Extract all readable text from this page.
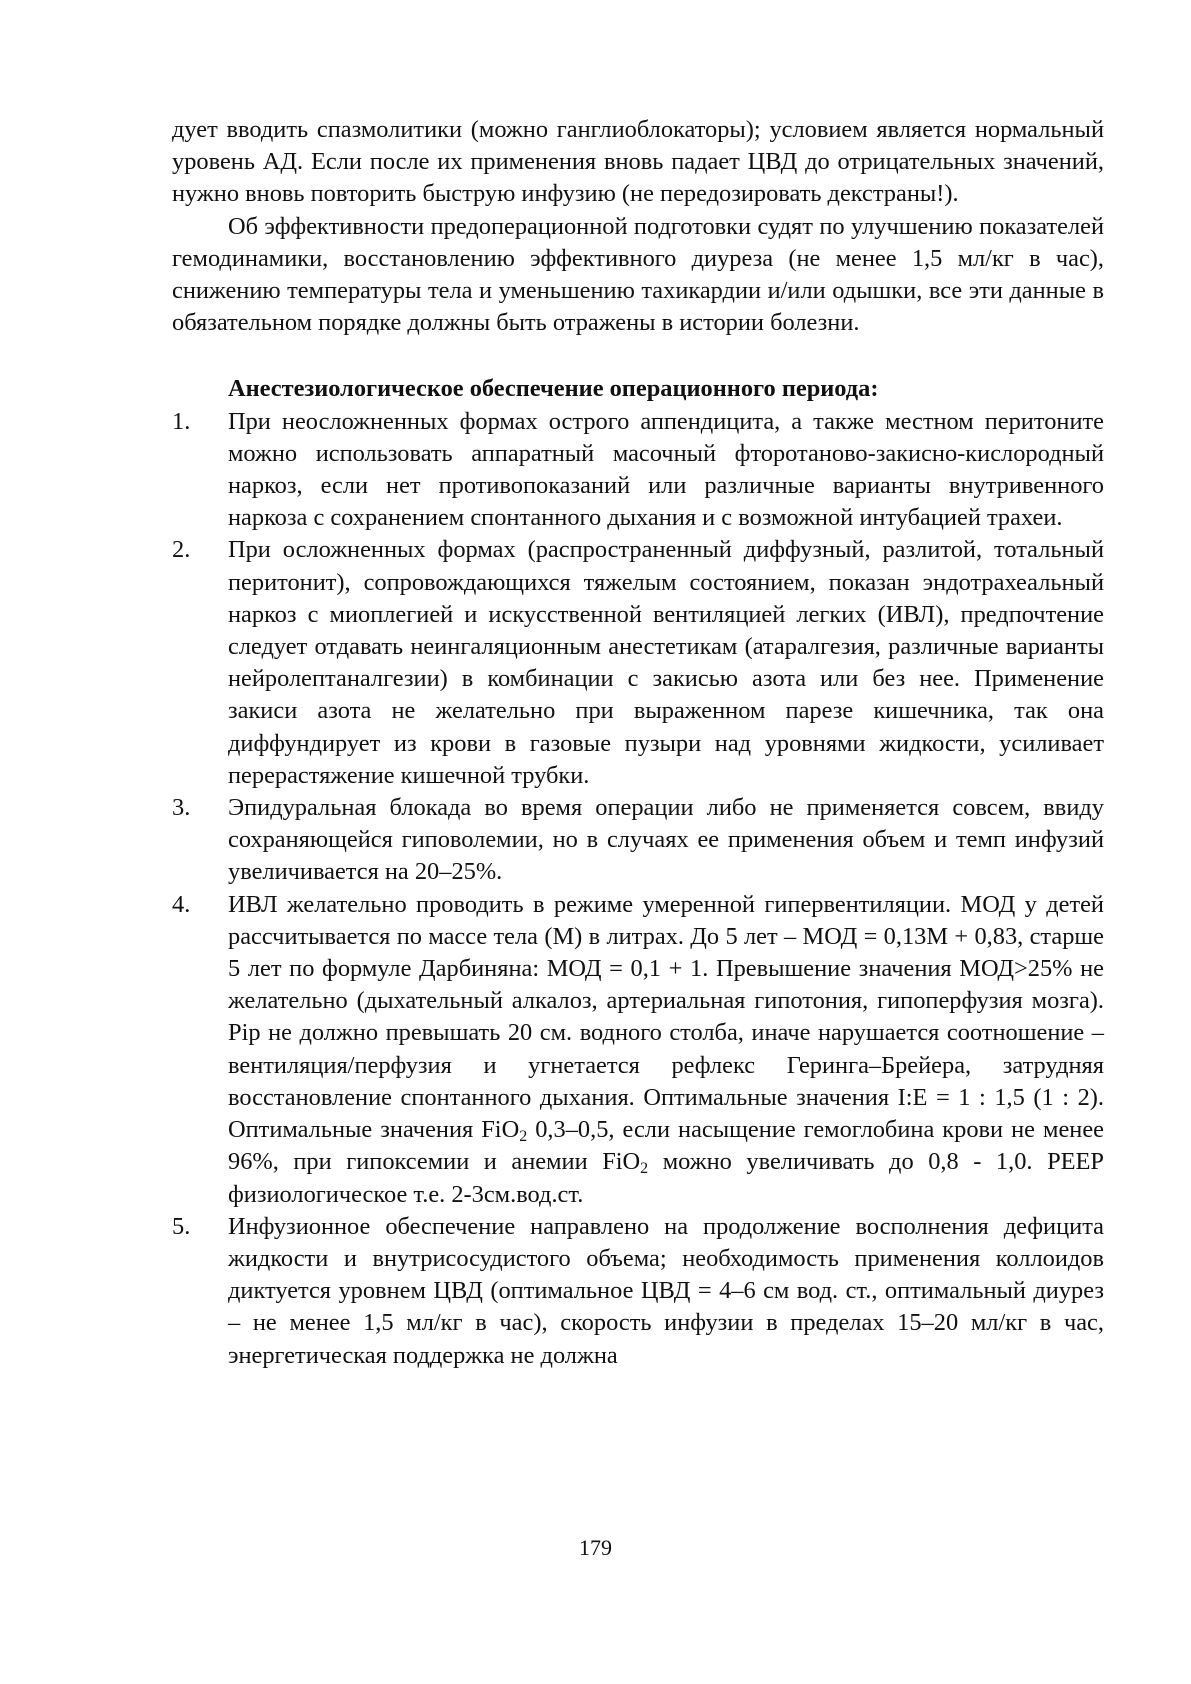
дует вводить спазмолитики (можно ганглиоблокаторы); условием является нормальный уровень АД. Если после их применения вновь падает ЦВД до отрицательных значений, нужно вновь повторить быструю инфузию (не передозировать декстраны!).

Об эффективности предоперационной подготовки судят по улучшению показателей гемодинамики, восстановлению эффективного диуреза (не менее 1,5 мл/кг в час), снижению температуры тела и уменьшению тахикардии и/или одышки, все эти данные в обязательном порядке должны быть отражены в истории болезни.

Анестезиологическое обеспечение операционного периода:

1. При неосложненных формах острого аппендицита, а также местном перитоните можно использовать аппаратный масочный фторотаново-закисно-кислородный наркоз, если нет противопоказаний или различные варианты внутривенного наркоза с сохранением спонтанного дыхания и с возможной интубацией трахеи.
2. При осложненных формах (распространенный диффузный, разлитой, тотальный перитонит), сопровождающихся тяжелым состоянием, показан эндотрахеальный наркоз с миоплегией и искусственной вентиляцией легких (ИВЛ), предпочтение следует отдавать неингаляционным анестетикам (атаралгезия, различные варианты нейролептаналгезии) в комбинации с закисью азота или без нее. Применение закиси азота не желательно при выраженном парезе кишечника, так она диффундирует из крови в газовые пузыри над уровнями жидкости, усиливает перерастяжение кишечной трубки.
3. Эпидуральная блокада во время операции либо не применяется совсем, ввиду сохраняющейся гиповолемии, но в случаях ее применения объем и темп инфузий увеличивается на 20–25%.
4. ИВЛ желательно проводить в режиме умеренной гипервентиляции. МОД у детей рассчитывается по массе тела (М) в литрах. До 5 лет – МОД = 0,13М + 0,83, старше 5 лет по формуле Дарбиняна: МОД = 0,1 + 1. Превышение значения МОД>25% не желательно (дыхательный алкалоз, артериальная гипотония, гипоперфузия мозга). Pip не должно превышать 20 см. водного столба, иначе нарушается соотношение – вентиляция/перфузия и угнетается рефлекс Геринга–Брейера, затрудняя восстановление спонтанного дыхания. Оптимальные значения I:E = 1 : 1,5 (1 : 2). Оптимальные значения FiO$_2$ 0,3–0,5, если насыщение гемоглобина крови не менее 96%, при гипоксемии и анемии FiO$_2$ можно увеличивать до 0,8 - 1,0. PEEP физиологическое т.е. 2-3см.вод.ст.
5. Инфузионное обеспечение направлено на продолжение восполнения дефицита жидкости и внутрисосудистого объема; необходимость применения коллоидов диктуется уровнем ЦВД (оптимальное ЦВД = 4–6 см вод. ст., оптимальный диурез – не менее 1,5 мл/кг в час), скорость инфузии в пределах 15–20 мл/кг в час, энергетическая поддержка не должна
179
